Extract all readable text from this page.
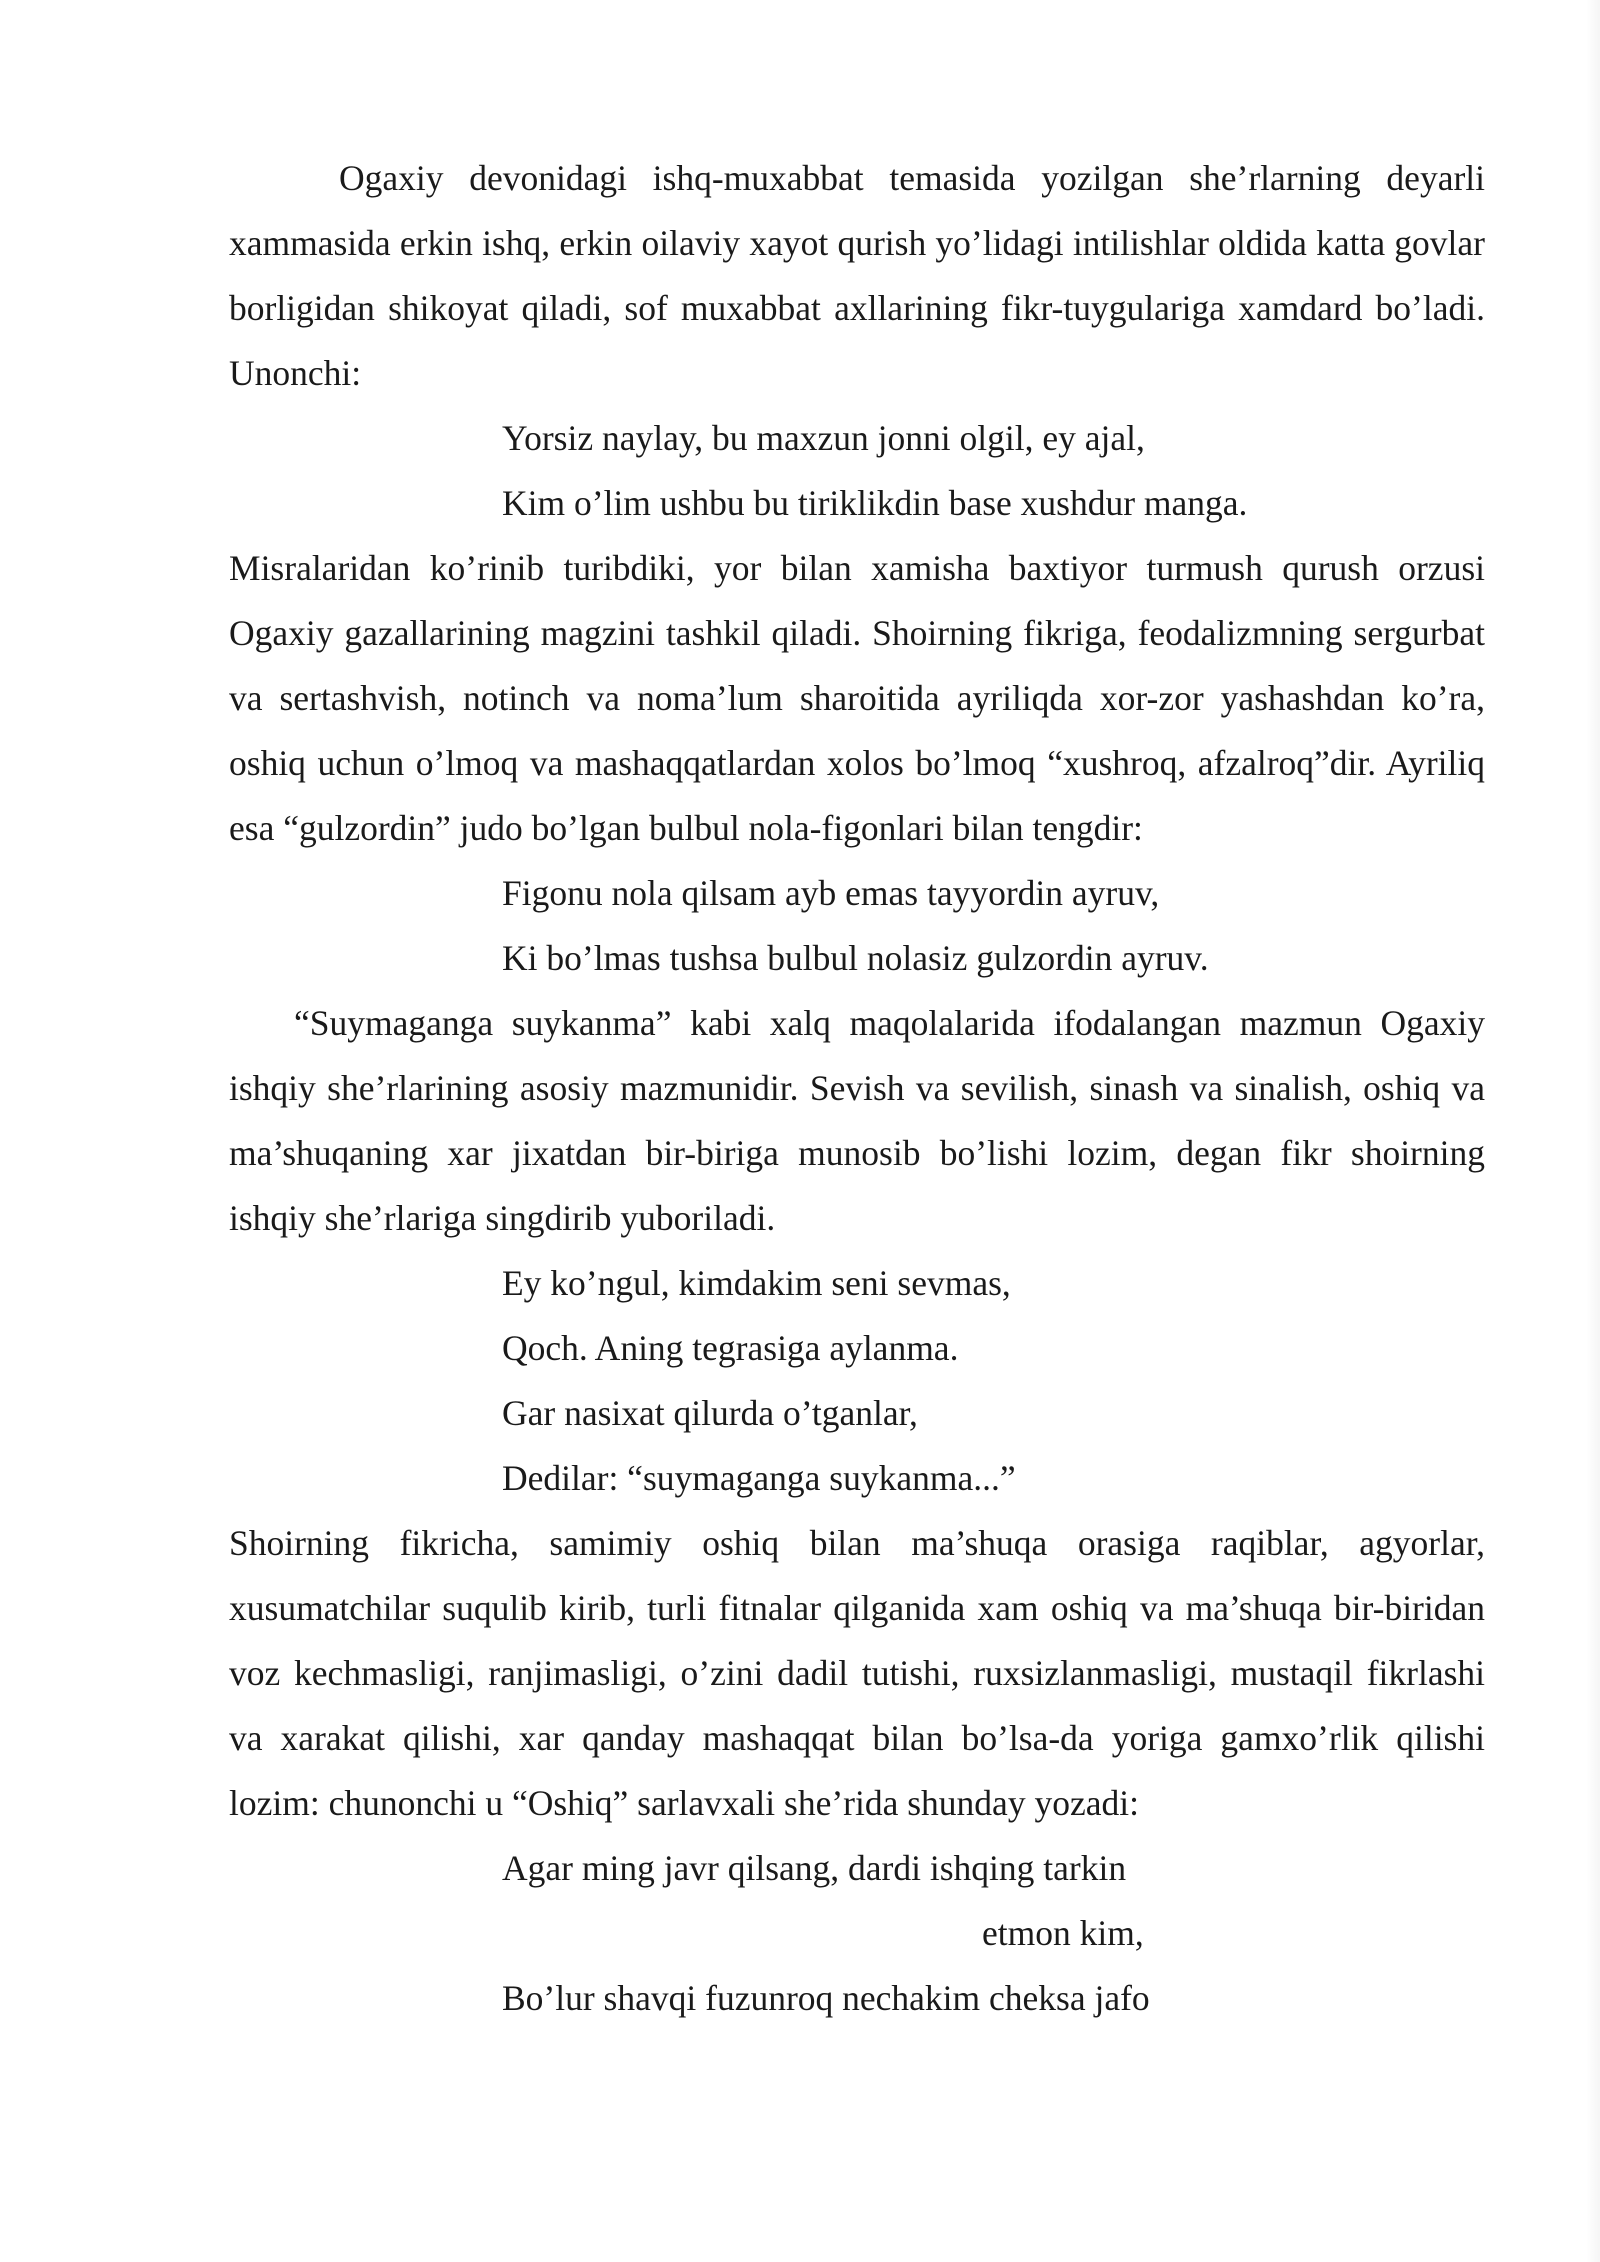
Ogaxiy devonidagi ishq-muxabbat temasida yozilgan she’rlarning deyarli xammasida erkin ishq, erkin oilaviy xayot qurish yo’lidagi intilishlar oldida katta govlar borligidan shikoyat qiladi, sof muxabbat axllarining fikr-tuygulariga xamdard bo’ladi. Unonchi:

Yorsiz naylay, bu maxzun jonni olgil, ey ajal,

Kim o’lim ushbu bu tiriklikdin base xushdur manga.

Misralaridan ko’rinib turibdiki, yor bilan xamisha baxtiyor turmush qurush orzusi Ogaxiy gazallarining magzini tashkil qiladi. Shoirning fikriga, feodalizmning sergurbat va sertashvish, notinch va noma’lum sharoitida ayriliqda xor-zor yashashdan ko’ra, oshiq uchun o’lmoq va mashaqqatlardan xolos bo’lmoq “xushroq, afzalroq”dir. Ayriliq esa “gulzordin” judo bo’lgan bulbul nola-figonlari bilan tengdir:

Figonu nola qilsam ayb emas tayyordin ayruv,

Ki bo’lmas tushsa bulbul nolasiz gulzordin ayruv.

“Suymaganga suykanma” kabi xalq maqolalarida ifodalangan mazmun Ogaxiy ishqiy she’rlarining asosiy mazmunidir. Sevish va sevilish, sinash va sinalish, oshiq va ma’shuqaning xar jixatdan bir-biriga munosib bo’lishi lozim, degan fikr shoirning ishqiy she’rlariga singdirib yuboriladi.

Ey ko’ngul, kimdakim seni sevmas,

Qoch. Aning tegrasiga aylanma.

Gar nasixat qilurda o’tganlar,

Dedilar: “suymaganga suykanma...”

Shoirning fikricha, samimiy oshiq bilan ma’shuqa orasiga raqiblar, agyorlar, xusumatchilar suqulib kirib, turli fitnalar qilganida xam oshiq va ma’shuqa bir-biridan voz kechmasligi, ranjimasligi, o’zini dadil tutishi, ruxsizlanmasligi, mustaqil fikrlashi va xarakat qilishi, xar qanday mashaqqat bilan bo’lsa-da yoriga gamxo’rlik qilishi lozim: chunonchi u “Oshiq” sarlavxali she’rida shunday yozadi:

Agar ming javr qilsang, dardi ishqing tarkin

etmon kim,

Bo’lur shavqi fuzunroq nechakim cheksa jafo
